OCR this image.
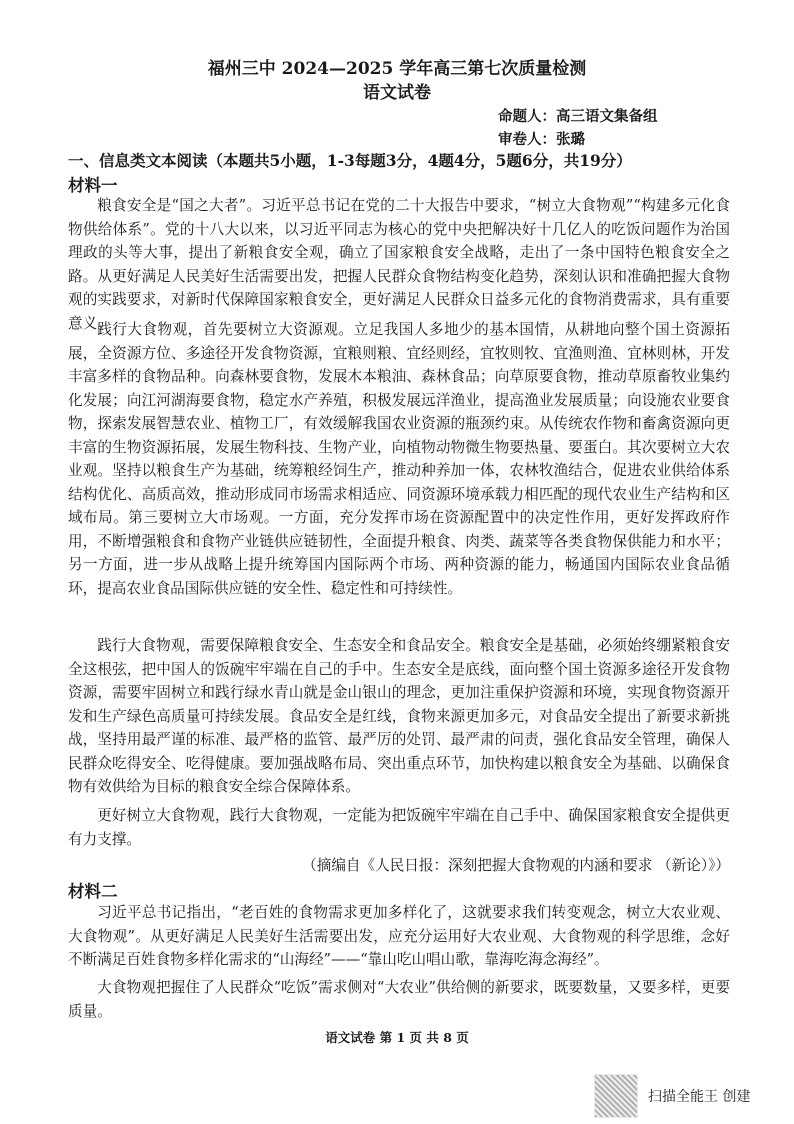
福州三中 2024—2025 学年高三第七次质量检测
语文试卷
命题人：高三语文集备组
审卷人：张璐
一、信息类文本阅读（本题共5小题，1-3每题3分，4题4分，5题6分，共19分）
材料一

粮食安全是“国之大者”。习近平总书记在党的二十大报告中要求，“树立大食物观”“构建多元化食物供给体系”。党的十八大以来，以习近平同志为核心的党中央把解决好十几亿人的吃饭问题作为治国理政的头等大事，提出了新粮食安全观，确立了国家粮食安全战略，走出了一条中国特色粮食安全之路。从更好满足人民美好生活需要出发，把握人民群众食物结构变化趋势，深刻认识和准确把握大食物观的实践要求，对新时代保障国家粮食安全，更好满足人民群众日益多元化的食物消费需求，具有重要意义。

践行大食物观，首先要树立大资源观。立足我国人多地少的基本国情，从耕地向整个国土资源拓展，全资源方位、多途径开发食物资源，宜粮则粮、宜经则经，宜牧则牧、宜渔则渔、宜林则林，开发丰富多样的食物品种。向森林要食物，发展木本粮油、森林食品；向草原要食物，推动草原畜牧业集约化发展；向江河湖海要食物，稳定水产养殖，积极发展远洋渔业，提高渔业发展质量；向设施农业要食物，探索发展智慧农业、植物工厂，有效缓解我国农业资源的瓶颈约束。从传统农作物和畜禽资源向更丰富的生物资源拓展，发展生物科技、生物产业，向植物动物微生物要热量、要蛋白。其次要树立大农业观。坚持以粮食生产为基础，统筹粮经饲生产，推动种养加一体，农林牧渔结合，促进农业供给体系结构优化、高质高效，推动形成同市场需求相适应、同资源环境承载力相匹配的现代农业生产结构和区域布局。第三要树立大市场观。一方面，充分发挥市场在资源配置中的决定性作用，更好发挥政府作用，不断增强粮食和食物产业链供应链韧性，全面提升粮食、肉类、蔬菜等各类食物保供能力和水平；另一方面，进一步从战略上提升统筹国内国际两个市场、两种资源的能力，畅通国内国际农业食品循环，提高农业食品国际供应链的安全性、稳定性和可持续性。

践行大食物观，需要保障粮食安全、生态安全和食品安全。粮食安全是基础，必须始终绷紧粮食安全这根弦，把中国人的饭碗牢牢端在自己的手中。生态安全是底线，面向整个国土资源多途径开发食物资源，需要牢固树立和践行绿水青山就是金山银山的理念，更加注重保护资源和环境，实现食物资源开发和生产绿色高质量可持续发展。食品安全是红线，食物来源更加多元，对食品安全提出了新要求新挑战，坚持用最严谨的标准、最严格的监管、最严厉的处罚、最严肃的问责，强化食品安全管理，确保人民群众吃得安全、吃得健康。要加强战略布局、突出重点环节，加快构建以粮食安全为基础、以确保食物有效供给为目标的粮食安全综合保障体系。

更好树立大食物观，践行大食物观，一定能为把饭碗牢牢端在自己手中、确保国家粮食安全提供更有力支撑。

（摘编自《人民日报：深刻把握大食物观的内涵和要求 （新论）》）
材料二

习近平总书记指出，“老百姓的食物需求更加多样化了，这就要求我们转变观念，树立大农业观、大食物观”。从更好满足人民美好生活需要出发，应充分运用好大农业观、大食物观的科学思维，念好不断满足百姓食物多样化需求的“山海经”——“靠山吃山唱山歌，靠海吃海念海经”。

大食物观把握住了人民群众“吃饭”需求侧对“大农业”供给侧的新要求，既要数量，又要多样，更要质量。

语文试卷 第 1 页 共 8 页
扫描全能王 创建
